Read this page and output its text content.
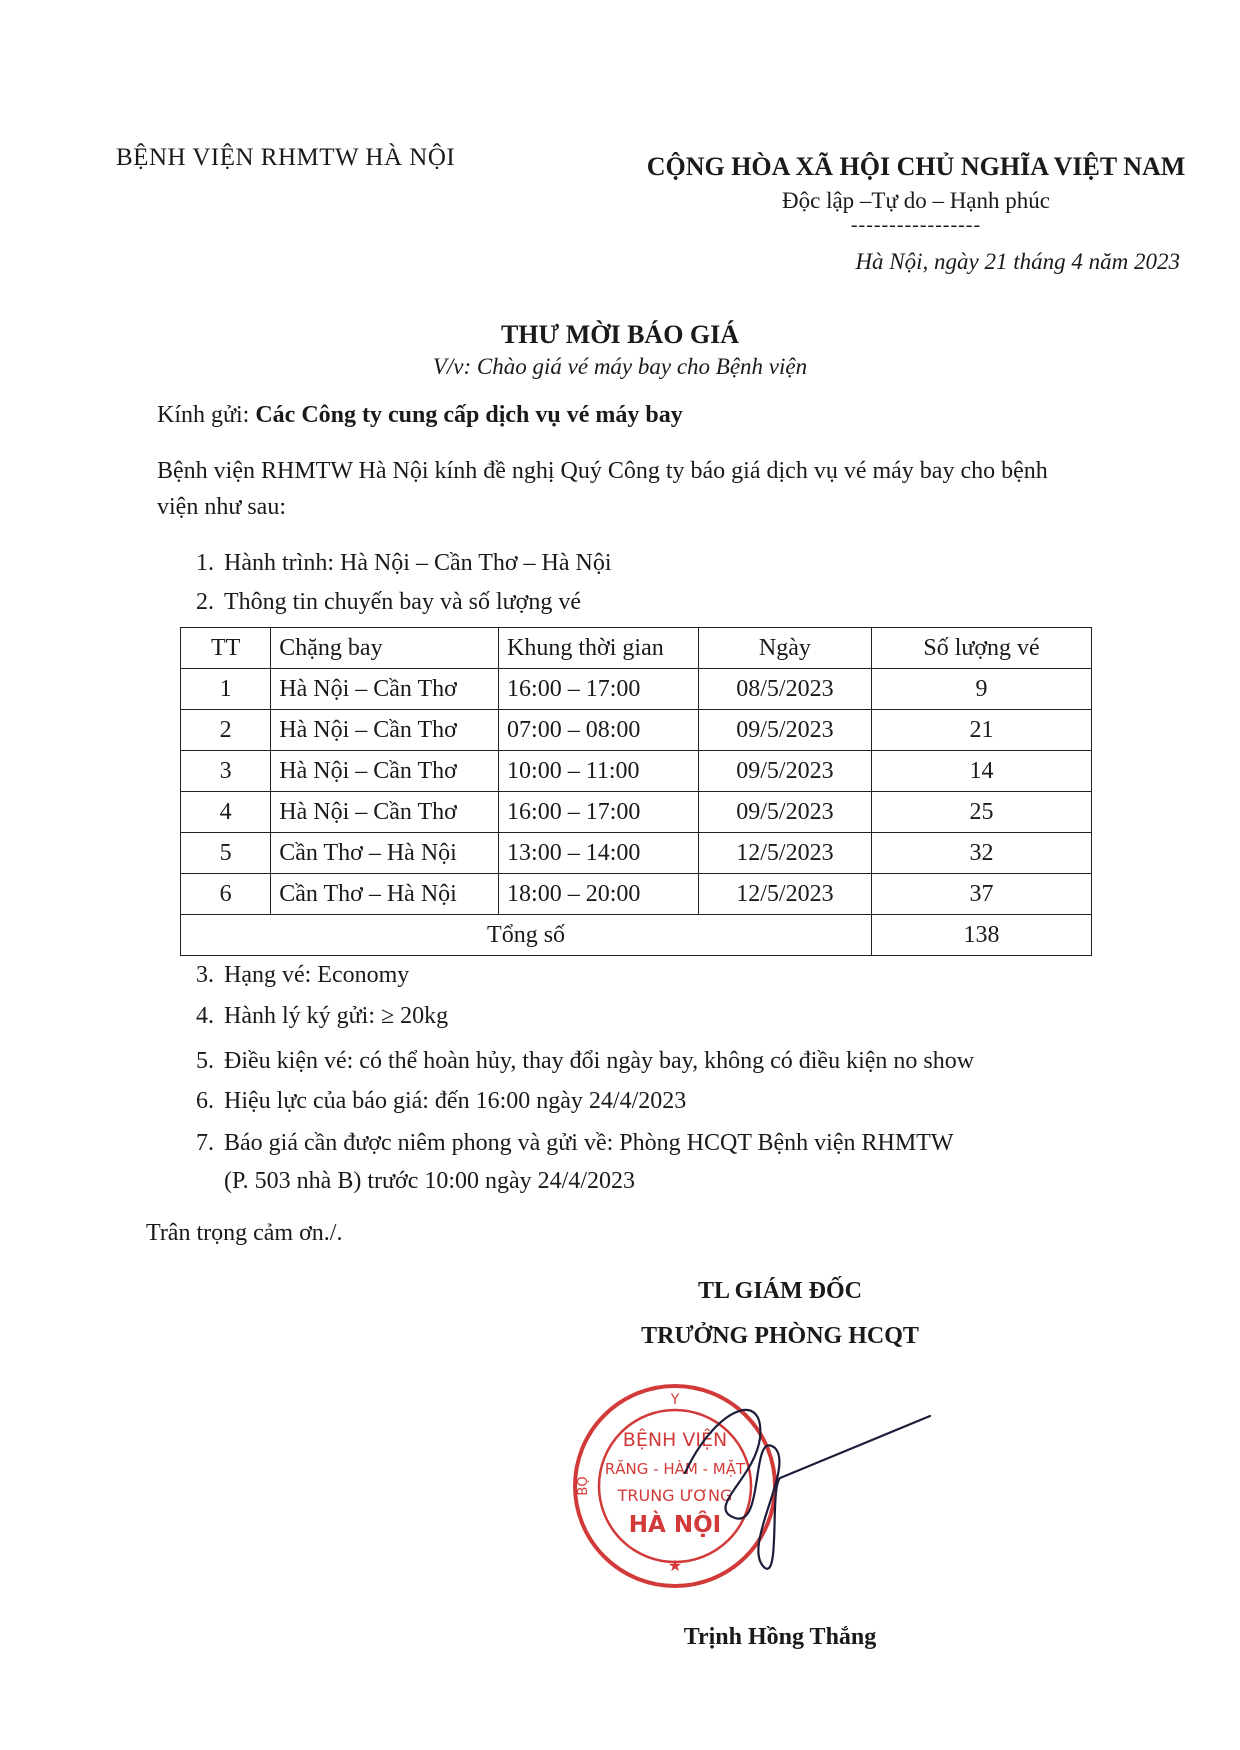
BỆNH VIỆN RHMTW HÀ NỘI	CỘNG HÒA XÃ HỘI CHỦ NGHĨA VIỆT NAM
Độc lập –Tự do – Hạnh phúc
-----------------
Hà Nội, ngày 21 tháng 4 năm 2023
THƯ MỜI BÁO GIÁ
V/v: Chào giá vé máy bay cho Bệnh viện
Kính gửi: Các Công ty cung cấp dịch vụ vé máy bay
Bệnh viện RHMTW Hà Nội kính đề nghị Quý Công ty báo giá dịch vụ vé máy bay cho bệnh viện như sau:
1. Hành trình: Hà Nội – Cần Thơ – Hà Nội
2. Thông tin chuyến bay và số lượng vé
TT	Chặng bay	Khung thời gian	Ngày	Số lượng vé
1	Hà Nội – Cần Thơ	16:00 – 17:00	08/5/2023	9
2	Hà Nội – Cần Thơ	07:00 – 08:00	09/5/2023	21
3	Hà Nội – Cần Thơ	10:00 – 11:00	09/5/2023	14
4	Hà Nội – Cần Thơ	16:00 – 17:00	09/5/2023	25
5	Cần Thơ – Hà Nội	13:00 – 14:00	12/5/2023	32
6	Cần Thơ – Hà Nội	18:00 – 20:00	12/5/2023	37
Tổng số				138
3. Hạng vé: Economy
4. Hành lý ký gửi: ≥ 20kg
5. Điều kiện vé: có thể hoàn hủy, thay đổi ngày bay, không có điều kiện no show
6. Hiệu lực của báo giá: đến 16:00 ngày 24/4/2023
7. Báo giá cần được niêm phong và gửi về: Phòng HCQT Bệnh viện RHMTW
(P. 503 nhà B) trước 10:00 ngày 24/4/2023
Trân trọng cảm ơn./.
TL GIÁM ĐỐC
TRƯỞNG PHÒNG HCQT
Y
BỘ
BỆNH VIỆN
RĂNG - HÀM - MẶT
TRUNG ƯƠNG
HÀ NỘI
★
Trịnh Hồng Thắng
